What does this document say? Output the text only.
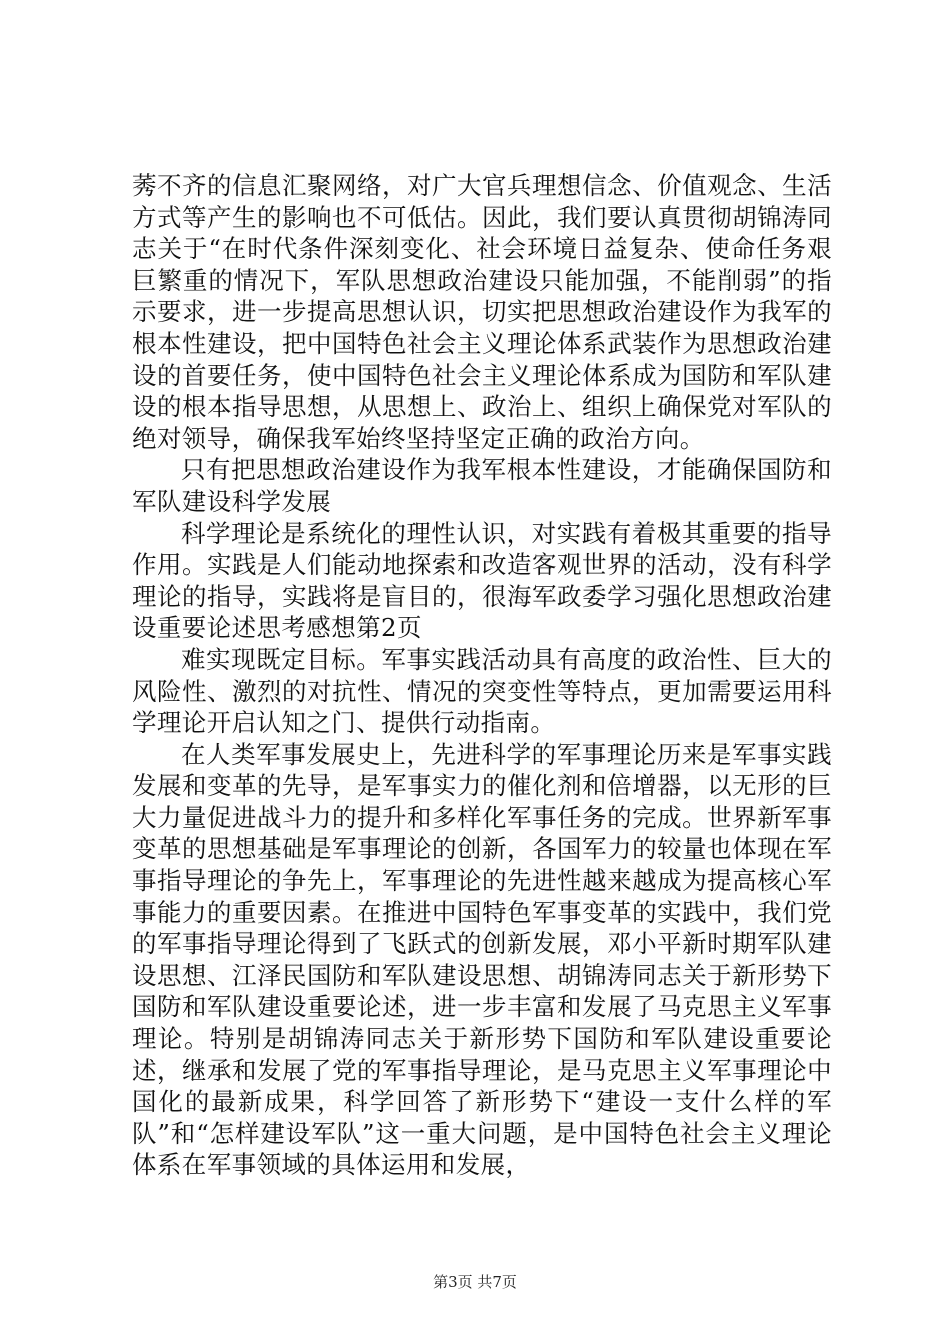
莠不齐的信息汇聚网络，对广大官兵理想信念、价值观念、生活方式等产生的影响也不可低估。因此，我们要认真贯彻胡锦涛同志关于“在时代条件深刻变化、社会环境日益复杂、使命任务艰巨繁重的情况下，军队思想政治建设只能加强，不能削弱”的指示要求，进一步提高思想认识，切实把思想政治建设作为我军的根本性建设，把中国特色社会主义理论体系武装作为思想政治建设的首要任务，使中国特色社会主义理论体系成为国防和军队建设的根本指导思想，从思想上、政治上、组织上确保党对军队的绝对领导，确保我军始终坚持坚定正确的政治方向。

只有把思想政治建设作为我军根本性建设，才能确保国防和军队建设科学发展

科学理论是系统化的理性认识，对实践有着极其重要的指导作用。实践是人们能动地探索和改造客观世界的活动，没有科学理论的指导，实践将是盲目的，很海军政委学习强化思想政治建设重要论述思考感想第2页

难实现既定目标。军事实践活动具有高度的政治性、巨大的风险性、激烈的对抗性、情况的突变性等特点，更加需要运用科学理论开启认知之门、提供行动指南。

在人类军事发展史上，先进科学的军事理论历来是军事实践发展和变革的先导，是军事实力的催化剂和倍增器，以无形的巨大力量促进战斗力的提升和多样化军事任务的完成。世界新军事变革的思想基础是军事理论的创新，各国军力的较量也体现在军事指导理论的争先上，军事理论的先进性越来越成为提高核心军事能力的重要因素。在推进中国特色军事变革的实践中，我们党的军事指导理论得到了飞跃式的创新发展，邓小平新时期军队建设思想、江泽民国防和军队建设思想、胡锦涛同志关于新形势下国防和军队建设重要论述，进一步丰富和发展了马克思主义军事理论。特别是胡锦涛同志关于新形势下国防和军队建设重要论述，继承和发展了党的军事指导理论，是马克思主义军事理论中国化的最新成果，科学回答了新形势下“建设一支什么样的军队”和“怎样建设军队”这一重大问题，是中国特色社会主义理论体系在军事领域的具体运用和发展，

第3页 共7页
